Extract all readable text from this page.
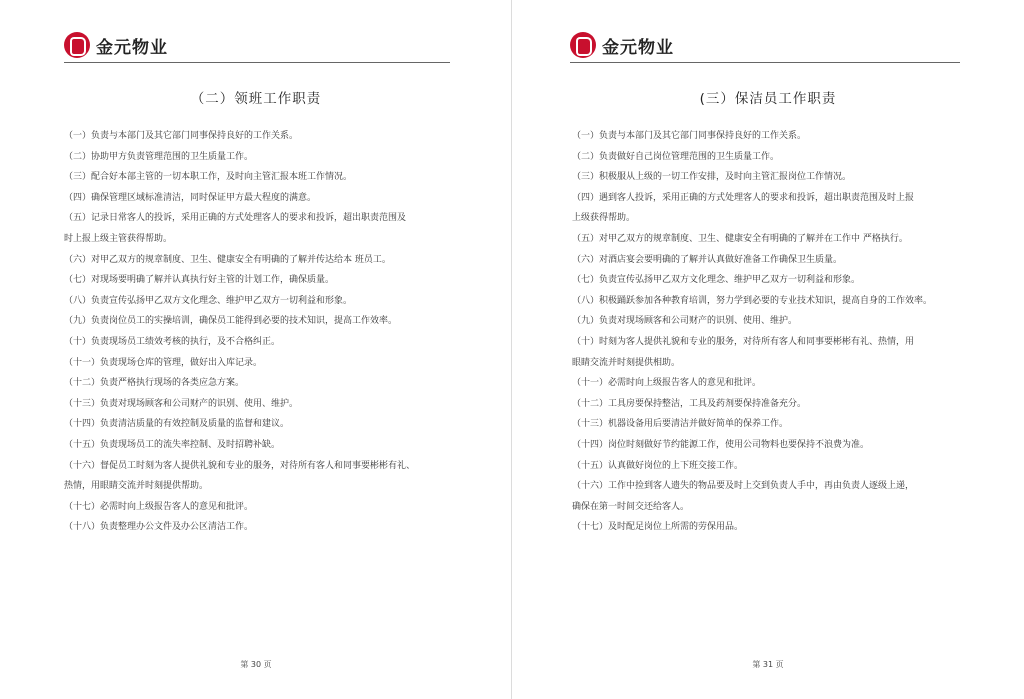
金元物业
（二）领班工作职责
（一）负责与本部门及其它部门同事保持良好的工作关系。
（二）协助甲方负责管理范围的卫生质量工作。
（三）配合好本部主管的一切本职工作，及时向主管汇报本班工作情况。
（四）确保管理区域标准清洁，同时保证甲方最大程度的满意。
（五）记录日常客人的投诉，采用正确的方式处理客人的要求和投诉，超出职责范围及
时上报上级主管获得帮助。
（六）对甲乙双方的规章制度、卫生、健康安全有明确的了解并传达给本 班员工。
（七）对现场要明确了解并认真执行好主管的计划工作，确保质量。
（八）负责宣传弘扬甲乙双方文化理念、维护甲乙双方一切利益和形象。
（九）负责岗位员工的实操培训，确保员工能得到必要的技术知识，提高工作效率。
（十）负责现场员工绩效考核的执行，及不合格纠正。
（十一）负责现场仓库的管理，做好出入库记录。
（十二）负责严格执行现场的各类应急方案。
（十三）负责对现场顾客和公司财产的识别、使用、维护。
（十四）负责清洁质量的有效控制及质量的监督和建议。
（十五）负责现场员工的流失率控制、及时招聘补缺。
（十六）督促员工时刻为客人提供礼貌和专业的服务，对待所有客人和同事要彬彬有礼、
热情，用眼睛交流并时刻提供帮助。
（十七）必需时向上级报告客人的意见和批评。
（十八）负责整理办公文件及办公区清洁工作。
第 30 页
金元物业
(三）保洁员工作职责
（一）负责与本部门及其它部门同事保持良好的工作关系。
（二）负责做好自己岗位管理范围的卫生质量工作。
（三）积极服从上级的一切工作安排，及时向主管汇报岗位工作情况。
（四）遇到客人投诉，采用正确的方式处理客人的要求和投诉，超出职责范围及时上报
上级获得帮助。
（五）对甲乙双方的规章制度、卫生、健康安全有明确的了解并在工作中 严格执行。
（六）对酒店宴会要明确的了解并认真做好准备工作确保卫生质量。
（七）负责宣传弘扬甲乙双方文化理念、维护甲乙双方一切利益和形象。
（八）积极踊跃参加各种教育培训，努力学到必要的专业技术知识，提高自身的工作效率。
（九）负责对现场顾客和公司财产的识别、使用、维护。
（十）时刻为客人提供礼貌和专业的服务，对待所有客人和同事要彬彬有礼、热情，用
眼睛交流并时刻提供相助。
（十一）必需时向上级报告客人的意见和批评。
（十二）工具房要保持整洁，工具及药剂要保持准备充分。
（十三）机器设备用后要清洁并做好简单的保养工作。
（十四）岗位时刻做好节约能源工作，使用公司物料也要保持不浪费为准。
（十五）认真做好岗位的上下班交接工作。
（十六）工作中捡到客人遗失的物品要及时上交到负责人手中，再由负责人逐级上递，
确保在第一时间交还给客人。
（十七）及时配足岗位上所需的劳保用品。
第 31 页
